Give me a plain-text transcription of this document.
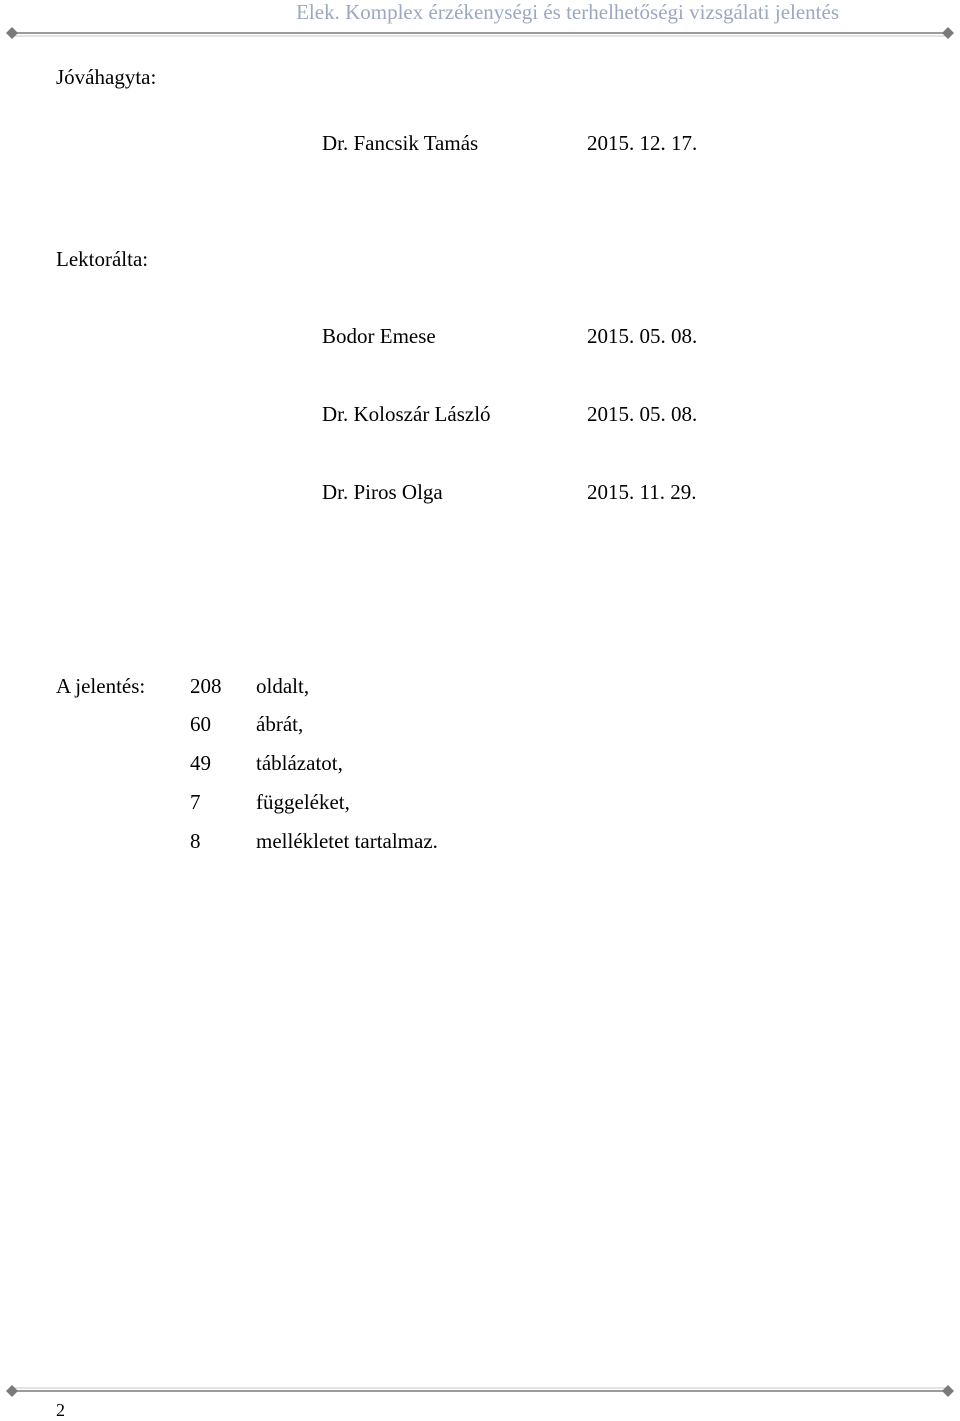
Elek. Komplex érzékenységi és terhelhetőségi vizsgálati jelentés
Jóváhagyta:
Dr. Fancsik Tamás	2015. 12. 17.
Lektorálta:
Bodor Emese	2015. 05. 08.
Dr. Koloszár László	2015. 05. 08.
Dr. Piros Olga	2015. 11. 29.
A jelentés: 208 oldalt,
60 ábrát,
49 táblázatot,
7	függeléket,
8	mellékletet tartalmaz.
2
